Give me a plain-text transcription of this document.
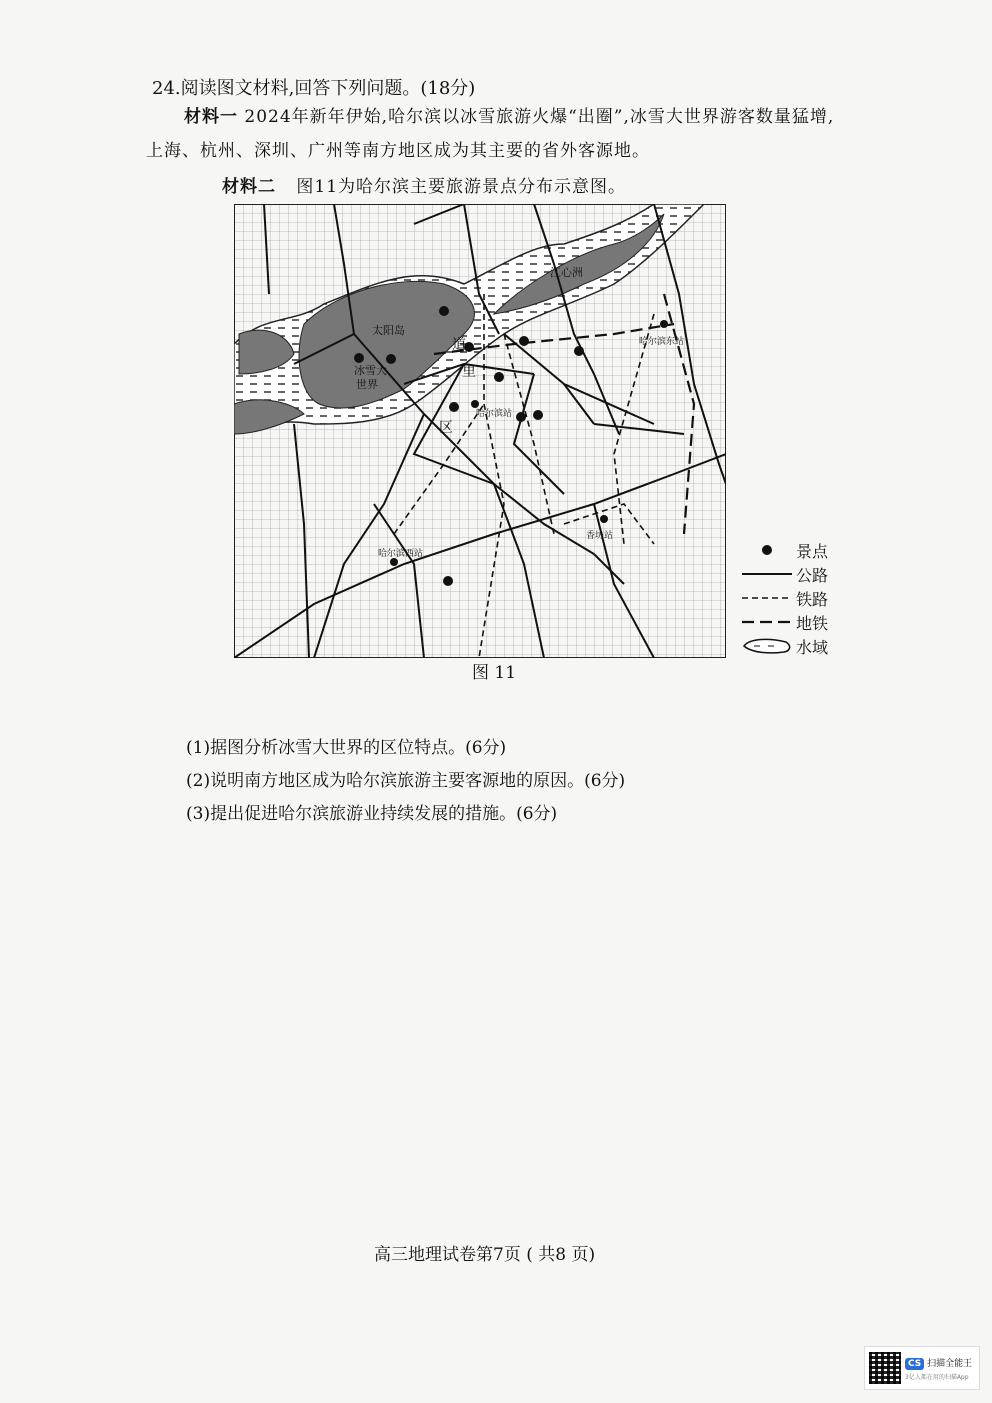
24.阅读图文材料,回答下列问题。(18分)
材料一 2024年新年伊始,哈尔滨以冰雪旅游火爆“出圈”,冰雪大世界游客数量猛增,
上海、杭州、深圳、广州等南方地区成为其主要的省外客源地。
材料二 图11为哈尔滨主要旅游景点分布示意图。
太阳岛
冰雪大
世界
江心洲
道
里
区
哈尔滨东站
哈尔滨站
哈尔滨西站
香坊站
景点
公路
铁路
地铁
水域
图 11
(1)据图分析冰雪大世界的区位特点。(6分)
(2)说明南方地区成为哈尔滨旅游主要客源地的原因。(6分)
(3)提出促进哈尔滨旅游业持续发展的措施。(6分)
高三地理试卷第7页 ( 共8 页)
CS 扫描全能王
3亿人都在用的扫描App
